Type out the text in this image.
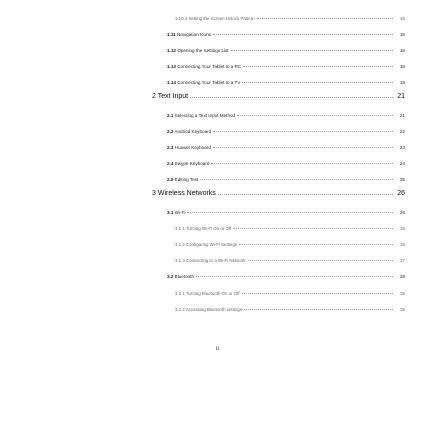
1.10.4 Setting the Screen Unlock Pattern	15
1.11 Navigation Icons	15
1.12 Opening the Settings List	16
1.13 Connecting Your Tablet to a PC	18
1.14 Connecting Your Tablet to a TV	19
2 Text Input	21
2.1 Selecting a Text Input Method	21
2.2 Andriod Keyboard	22
2.3 Huawei Keyboard	23
2.4 Swype Keyboard	24
2.5 Editing Text	25
3 Wireless Networks	26
3.1 Wi-Fi	26
3.1.1 Turning Wi-Fi On or Off	26
3.1.2 Configuring Wi-Fi Settings	26
3.1.3 Connecting to a Wi-Fi Network	27
3.2 Bluetooth	28
3.2.1 Turning Bluetooth On or Off	28
3.2.2 Accessing Bluetooth settings	28
ii
